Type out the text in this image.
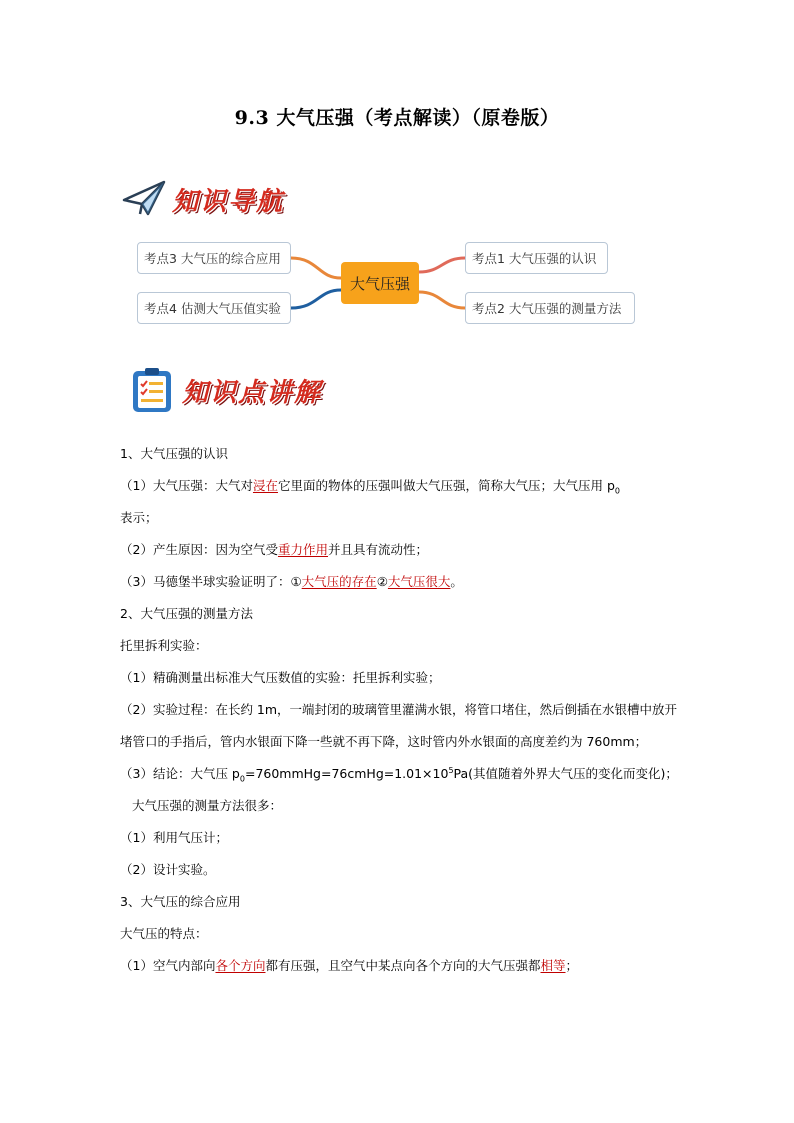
9.3 大气压强（考点解读）（原卷版）
知识导航
大气压强
考点3 大气压的综合应用
考点4 估测大气压值实验
考点1 大气压强的认识
考点2 大气压强的测量方法
知识点讲解

1、大气压强的认识

（1）大气压强：大气对浸在它里面的物体的压强叫做大气压强，简称大气压；大气压用 $p_0$

表示；

（2）产生原因：因为空气受重力作用并且具有流动性；

（3）马德堡半球实验证明了：①大气压的存在②大气压很大。

2、大气压强的测量方法

托里拆利实验：

（1）精确测量出标准大气压数值的实验：托里拆利实验；

（2）实验过程：在长约 1m，一端封闭的玻璃管里灌满水银，将管口堵住，然后倒插在水银槽中放开堵管口的手指后，管内水银面下降一些就不再下降，这时管内外水银面的高度差约为 760mm；

（3）结论：大气压 $p_0=760mmHg=76cmHg=1.01\times 10^5Pa$(其值随着外界大气压的变化而变化)；

大气压强的测量方法很多：

（1）利用气压计；

（2）设计实验。

3、大气压的综合应用

大气压的特点：

（1）空气内部向各个方向都有压强，且空气中某点向各个方向的大气压强都相等；
